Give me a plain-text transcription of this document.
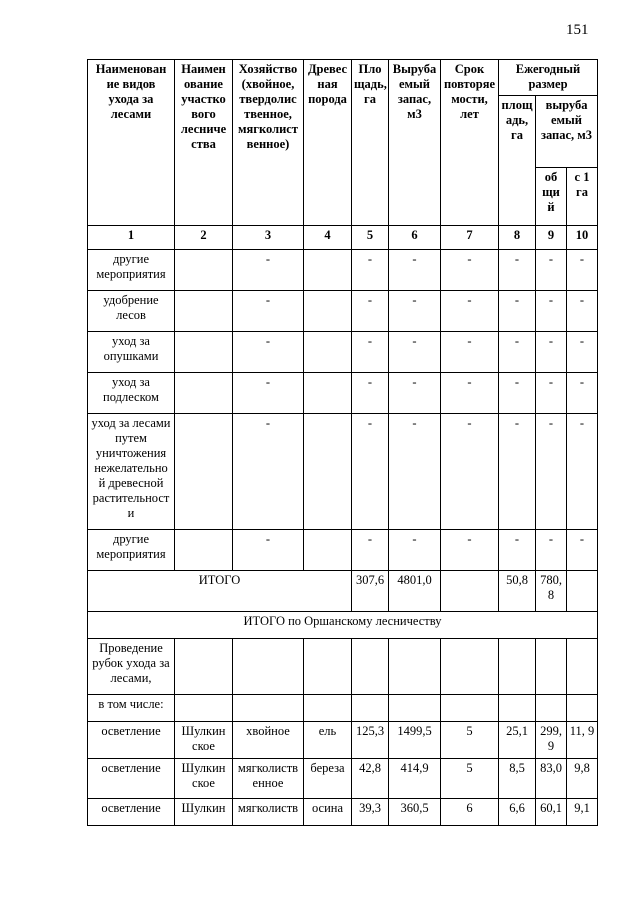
151
Наименован ие видов ухода за лесами	Наимен ование участко вого лесниче ства	Хозяйство (хвойное, твердолис твенное, мягколист венное)	Древес ная порода	Пло щадь, га	Выруба емый запас, м3	Срок повторяе мости, лет	Ежегодный размер		
							площ адь, га	выруба емый запас, м3	
								об щи й	с 1 га
1	2	3	4	5	6	7	8	9	10
другие мероприятия		-		-	-	-	-	-	-
удобрение лесов		-		-	-	-	-	-	-
уход за опушками		-		-	-	-	-	-	-
уход за подлеском		-		-	-	-	-	-	-
уход за лесами путем уничтожения нежелательно й древесной растительност и		-		-	-	-	-	-	-
другие мероприятия		-		-	-	-	-	-	-
ИТОГО				307,6	4801,0		50,8	780, 8	
ИТОГО по Оршанскому лесничеству									
Проведение рубок ухода за лесами,									
в том числе:									
осветление	Шулкин ское	хвойное	ель	125,3	1499,5	5	25,1	299, 9	11, 9
осветление	Шулкин ское	мягколиств енное	береза	42,8	414,9	5	8,5	83,0	9,8
осветление	Шулкин	мягколиств	осина	39,3	360,5	6	6,6	60,1	9,1
